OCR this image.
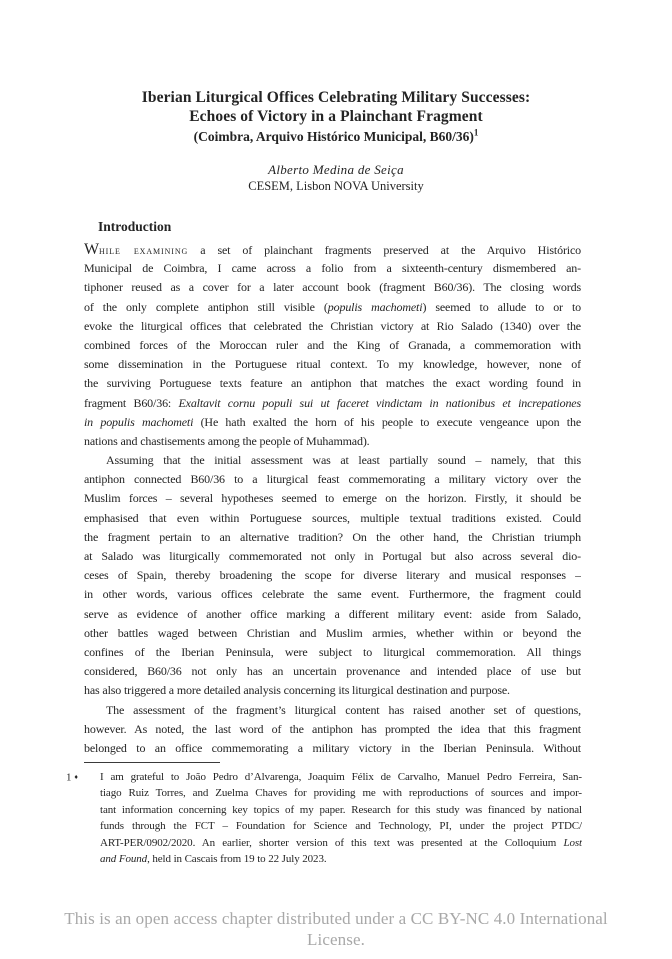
Iberian Liturgical Offices Celebrating Military Successes:
Echoes of Victory in a Plainchant Fragment
(Coimbra, Arquivo Histórico Municipal, B60/36)$^1$
Alberto Medina de Seiça
CESEM, Lisbon NOVA University
Introduction
While examining a set of plainchant fragments preserved at the Arquivo Histórico
Municipal de Coimbra, I came across a folio from a sixteenth-century dismembered an-
tiphoner reused as a cover for a later account book (fragment B60/36). The closing words
of the only complete antiphon still visible (populis machometi) seemed to allude to or to
evoke the liturgical offices that celebrated the Christian victory at Rio Salado (1340) over the
combined forces of the Moroccan ruler and the King of Granada, a commemoration with
some dissemination in the Portuguese ritual context. To my knowledge, however, none of
the surviving Portuguese texts feature an antiphon that matches the exact wording found in
fragment B60/36: Exaltavit cornu populi sui ut faceret vindictam in nationibus et increpationes
in populis machometi (He hath exalted the horn of his people to execute vengeance upon the
nations and chastisements among the people of Muhammad).
Assuming that the initial assessment was at least partially sound – namely, that this
antiphon connected B60/36 to a liturgical feast commemorating a military victory over the
Muslim forces – several hypotheses seemed to emerge on the horizon. Firstly, it should be
emphasised that even within Portuguese sources, multiple textual traditions existed. Could
the fragment pertain to an alternative tradition? On the other hand, the Christian triumph
at Salado was liturgically commemorated not only in Portugal but also across several dio-
ceses of Spain, thereby broadening the scope for diverse literary and musical responses –
in other words, various offices celebrate the same event. Furthermore, the fragment could
serve as evidence of another office marking a different military event: aside from Salado,
other battles waged between Christian and Muslim armies, whether within or beyond the
confines of the Iberian Peninsula, were subject to liturgical commemoration. All things
considered, B60/36 not only has an uncertain provenance and intended place of use but
has also triggered a more detailed analysis concerning its liturgical destination and purpose.
The assessment of the fragment’s liturgical content has raised another set of questions,
however. As noted, the last word of the antiphon has prompted the idea that this fragment
belonged to an office commemorating a military victory in the Iberian Peninsula. Without
1 ♦	I am grateful to João Pedro d’Alvarenga, Joaquim Félix de Carvalho, Manuel Pedro Ferreira, San-
tiago Ruiz Torres, and Zuelma Chaves for providing me with reproductions of sources and impor-
tant information concerning key topics of my paper. Research for this study was financed by national
funds through the FCT – Foundation for Science and Technology, PI, under the project PTDC/
ART-PER/0902/2020. An earlier, shorter version of this text was presented at the Colloquium Lost
and Found, held in Cascais from 19 to 22 July 2023.
This is an open access chapter distributed under a CC BY-NC 4.0 International
License.
